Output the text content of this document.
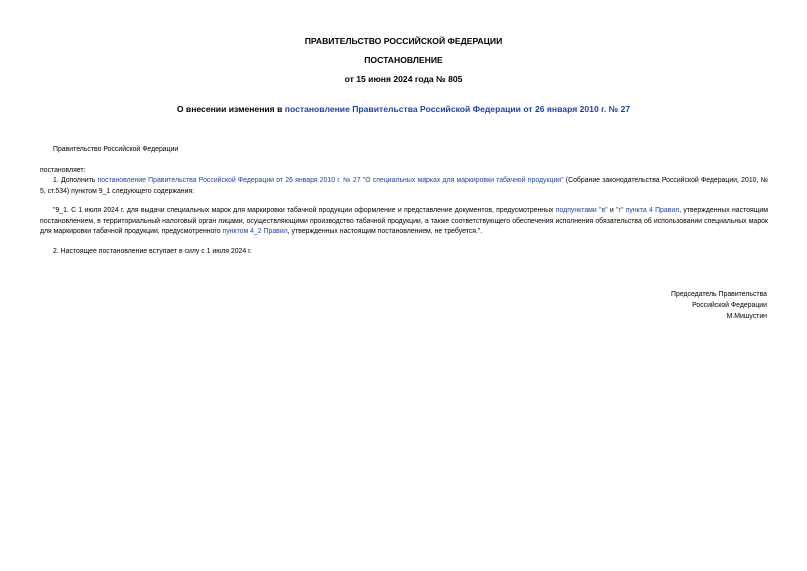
ПРАВИТЕЛЬСТВО РОССИЙСКОЙ ФЕДЕРАЦИИ
ПОСТАНОВЛЕНИЕ
от 15 июня 2024 года № 805
О внесении изменения в постановление Правительства Российской Федерации от 26 января 2010 г. № 27
Правительство Российской Федерации
постановляет:
1. Дополнить постановление Правительства Российской Федерации от 26 января 2010 г. № 27 "О специальных марках для маркировки табачной продукции" (Собрание законодательства Российской Федерации, 2010, № 5, ст.534) пунктом 9_1 следующего содержания:
"9_1. С 1 июля 2024 г. для выдачи специальных марок для маркировки табачной продукции оформление и представление документов, предусмотренных подпунктами "в" и "г" пункта 4 Правил, утвержденных настоящим постановлением, в территориальный налоговый орган лицами, осуществляющими производство табачной продукции, а также соответствующего обеспечения исполнения обязательства об использовании специальных марок для маркировки табачной продукции, предусмотренного пунктом 4_2 Правил, утвержденных настоящим постановлением, не требуется.".
2. Настоящее постановление вступает в силу с 1 июля 2024 г.
Председатель Правительства
Российской Федерации
М.Мишустин
